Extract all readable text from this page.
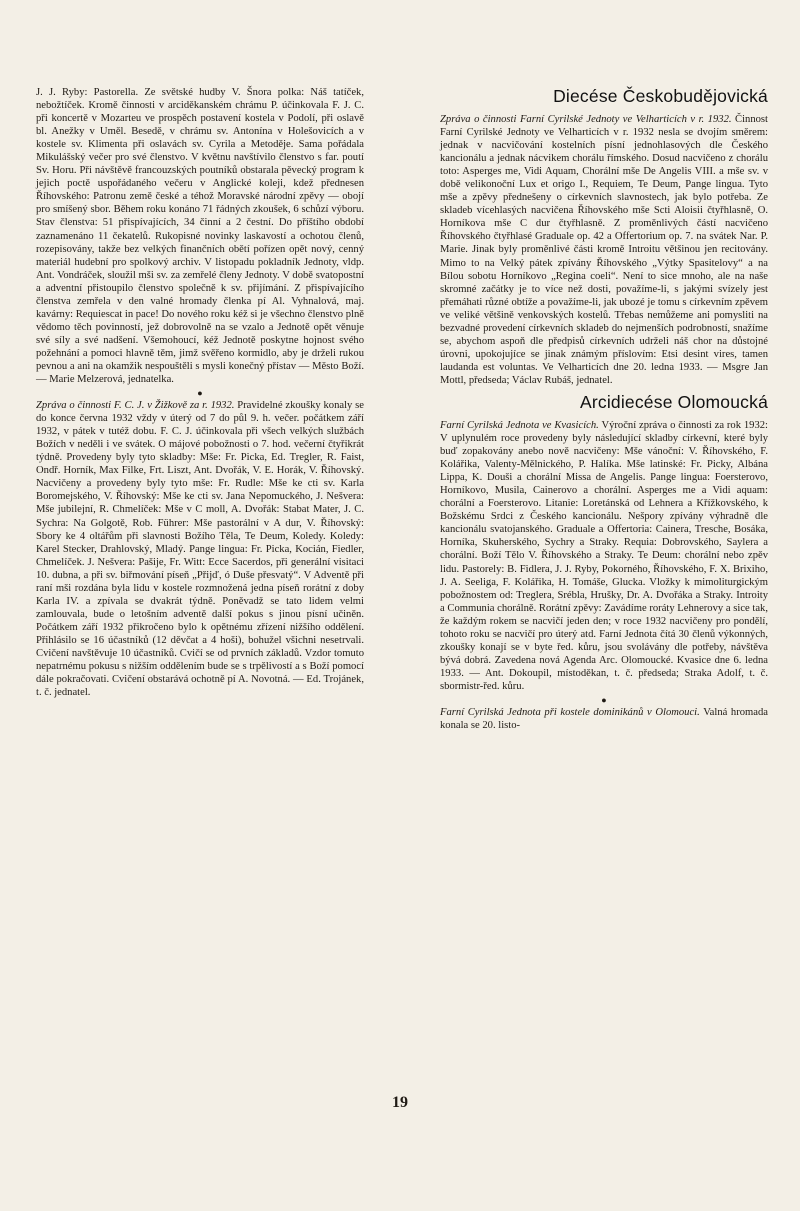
J. J. Ryby: Pastorella. Ze světské hudby V. Šnora polka: Náš tatíček, nebožtíček. Kromě činnosti v arciděkanském chrámu P. účinkovala F. J. C. při koncertě v Mozarteu ve prospěch postavení kostela v Podolí, při oslavě bl. Anežky v Uměl. Besedě, v chrámu sv. Antonína v Holešovicích a v kostele sv. Klimenta při oslavách sv. Cyrila a Metoděje. Sama pořádala Mikulášský večer pro své členstvo. V květnu navštívilo členstvo s far. poutí Sv. Horu. Při návštěvě francouzských poutníků obstarala pěvecký program k jejich poctě uspořádaného večeru v Anglické koleji, kdež přednesen Říhovského: Patronu země české a téhož Moravské národní zpěvy — obojí pro smíšený sbor. Během roku konáno 71 řádných zkoušek, 6 schůzí výboru. Stav členstva: 51 přispívajících, 34 činní a 2 čestní. Do příštího období zaznamenáno 11 čekatelů. Rukopisné novinky laskavostí a ochotou členů, rozepisovány, takže bez velkých finančních obětí pořízen opět nový, cenný materiál hudební pro spolkový archiv. V listopadu pokladník Jednoty, vldp. Ant. Vondráček, sloužil mši sv. za zemřelé členy Jednoty. V době svatopostní a adventní přistoupilo členstvo společně k sv. přijímání. Z přispívajícího členstva zemřela v den valné hromady členka pí Al. Vyhnalová, maj. kavárny: Requiescat in pace! Do nového roku kéž si je všechno členstvo plně vědomo těch povinností, jež dobrovolně na se vzalo a Jednotě opět věnuje své síly a své nadšení. Všemohoucí, kéž Jednotě poskytne hojnost svého požehnání a pomoci hlavně těm, jimž svěřeno kormidlo, aby je drželi rukou pevnou a ani na okamžik nespouštěli s mysli konečný přístav — Město Boží. — Marie Melzerová, jednatelka.

●

Zpráva o činnosti F. C. J. v Žižkově za r. 1932. Pravidelné zkoušky konaly se do konce června 1932 vždy v úterý od 7 do půl 9. h. večer. počátkem září 1932, v pátek v tutéž dobu. F. C. J. účinkovala při všech velkých službách Božích v neděli i ve svátek. O májové pobožnosti o 7. hod. večerní čtyřikrát týdně. Provedeny byly tyto skladby: Mše: Fr. Picka, Ed. Tregler, R. Faist, Ondř. Horník, Max Filke, Frt. Liszt, Ant. Dvořák, V. E. Horák, V. Říhovský. Nacvičeny a provedeny byly tyto mše: Fr. Rudle: Mše ke cti sv. Karla Boromejského, V. Říhovský: Mše ke cti sv. Jana Nepomuckého, J. Nešvera: Mše jubilejní, R. Chmelíček: Mše v C moll, A. Dvořák: Stabat Mater, J. C. Sychra: Na Golgotě, Rob. Führer: Mše pastorální v A dur, V. Říhovský: Sbory ke 4 oltářům při slavnosti Božího Těla, Te Deum, Koledy. Koledy: Karel Stecker, Drahlovský, Mladý. Pange lingua: Fr. Picka, Kocián, Fiedler, Chmelíček. J. Nešvera: Pašije, Fr. Witt: Ecce Sacerdos, při generální visitaci 10. dubna, a při sv. biřmování píseň „Přijď, ó Duše přesvatý“. V Adventě při raní mši rozdána byla lidu v kostele rozmnožená jedna píseň rorátní z doby Karla IV. a zpívala se dvakrát týdně. Poněvadž se tato lidem velmi zamlouvala, bude o letošním adventě další pokus s jinou písní učiněn. Počátkem září 1932 přikročeno bylo k opětnému zřízení nižšího oddělení. Přihlásilo se 16 účastníků (12 děvčat a 4 hoši), bohužel všichni nesetrvali. Cvičení navštěvuje 10 účastníků. Cvičí se od prvních základů. Vzdor tomuto nepatrnému pokusu s nižším oddělením bude se s trpělivostí a s Boží pomocí dále pokračovati. Cvičení obstarává ochotně pí A. Novotná. — Ed. Trojánek, t. č. jednatel.

Diecése Českobudějovická

Zpráva o činnosti Farní Cyrilské Jednoty ve Velharticích v r. 1932. Činnost Farní Cyrilské Jednoty ve Velharticích v r. 1932 nesla se dvojím směrem: jednak v nacvičování kostelních písní jednohlasových dle Českého kancionálu a jednak nácvikem chorálu římského. Dosud nacvičeno z chorálu toto: Asperges me, Vidi Aquam, Chorální mše De Angelis VIII. a mše sv. v době velikonoční Lux et origo I., Requiem, Te Deum, Pange lingua. Tyto mše a zpěvy přednešeny o církevních slavnostech, jak bylo potřeba. Ze skladeb vícehlasých nacvičena Říhovského mše Scti Aloisii čtyřhlasně, O. Horníkova mše C dur čtyřhlasně. Z proměnlivých částí nacvičeno Říhovského čtyřhlasé Graduale op. 42 a Offertorium op. 7. na svátek Nar. P. Marie. Jinak byly proměnlivé části kromě Introitu většinou jen recitovány. Mimo to na Velký pátek zpívány Říhovského „Výtky Spasitelovy“ a na Bílou sobotu Horníkovo „Regina coeli“. Není to sice mnoho, ale na naše skromné začátky je to více než dosti, považíme-li, s jakými svízely jest přemáhati různé obtíže a považíme-li, jak ubozé je tomu s církevním zpěvem ve veliké většině venkovských kostelů. Třebas nemůžeme ani pomysliti na bezvadné provedení církevních skladeb do nejmenších podrobností, snažíme se, abychom aspoň dle předpisů církevních udrželi náš chor na důstojné úrovni, upokojujíce se jinak známým příslovím: Etsi desint vires, tamen laudanda est voluntas. Ve Velharticích dne 20. ledna 1933. — Msgre Jan Mottl, předseda; Václav Rubáš, jednatel.

Arcidiecése Olomoucká

Farní Cyrilská Jednota ve Kvasicích. Výroční zpráva o činnosti za rok 1932: V uplynulém roce provedeny byly následující skladby církevní, které byly buď zopakovány anebo nově nacvičeny: Mše vánoční: V. Říhovského, F. Kolářika, Valenty-Mělnického, P. Halíka. Mše latinské: Fr. Picky, Albána Lippa, K. Douši a chorální Missa de Angelis. Pange lingua: Foersterovo, Horníkovo, Musila, Cainerovo a chorální. Asperges me a Vidi aquam: chorální a Foersterovo. Litanie: Loretánská od Lehnera a Křížkovského, k Božskému Srdci z Českého kancionálu. Nešpory zpívány výhradně dle kancionálu svatojanského. Graduale a Offertoria: Cainera, Tresche, Bosáka, Horníka, Skuherského, Sychry a Straky. Requia: Dobrovského, Saylera a chorální. Boží Tělo V. Říhovského a Straky. Te Deum: chorální nebo zpěv lidu. Pastorely: B. Fidlera, J. J. Ryby, Pokorného, Říhovského, F. X. Brixiho, J. A. Seeliga, F. Kolářika, H. Tomáše, Glucka. Vložky k mimoliturgickým pobožnostem od: Treglera, Srébla, Hrušky, Dr. A. Dvořáka a Straky. Introity a Communia chorálně. Rorátní zpěvy: Zavádíme roráty Lehnerovy a sice tak, že každým rokem se nacvičí jeden den; v roce 1932 nacvičeny pro pondělí, tohoto roku se nacvičí pro úterý atd. Farní Jednota čítá 30 členů výkonných, zkoušky konají se v byte řed. kůru, jsou svolávány dle potřeby, návštěva bývá dobrá. Zavedena nová Agenda Arc. Olomoucké. Kvasice dne 6. ledna 1933. — Ant. Dokoupil, místoděkan, t. č. předseda; Straka Adolf, t. č. sbormistr-řed. kůru.

●

Farní Cyrilská Jednota při kostele dominikánů v Olomouci. Valná hromada konala se 20. listo-

19
